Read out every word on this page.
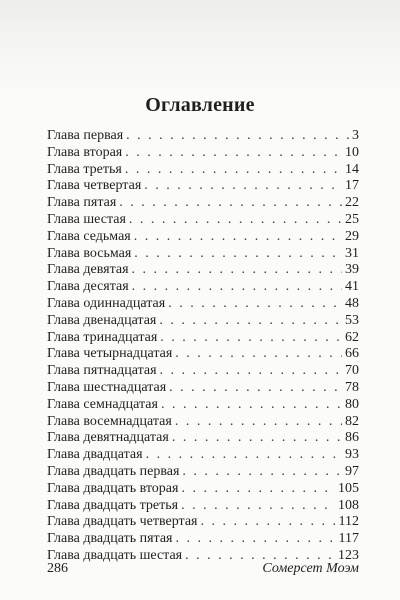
Оглавление
Глава первая . . .	3
Глава вторая . . .	10
Глава третья . . .	14
Глава четвертая . . .	17
Глава пятая . . .	22
Глава шестая . . .	25
Глава седьмая . . .	29
Глава восьмая . . .	31
Глава девятая . . .	39
Глава десятая . . .	41
Глава одиннадцатая . . .	48
Глава двенадцатая . . .	53
Глава тринадцатая . . .	62
Глава четырнадцатая . . .	66
Глава пятнадцатая . . .	70
Глава шестнадцатая . . .	78
Глава семнадцатая . . .	80
Глава восемнадцатая . . .	82
Глава девятнадцатая . . .	86
Глава двадцатая . . .	93
Глава двадцать первая . . .	97
Глава двадцать вторая . . .	105
Глава двадцать третья . . .	108
Глава двадцать четвертая . . .	112
Глава двадцать пятая . . .	117
Глава двадцать шестая . . .	123
286	Сомерсет Моэм
